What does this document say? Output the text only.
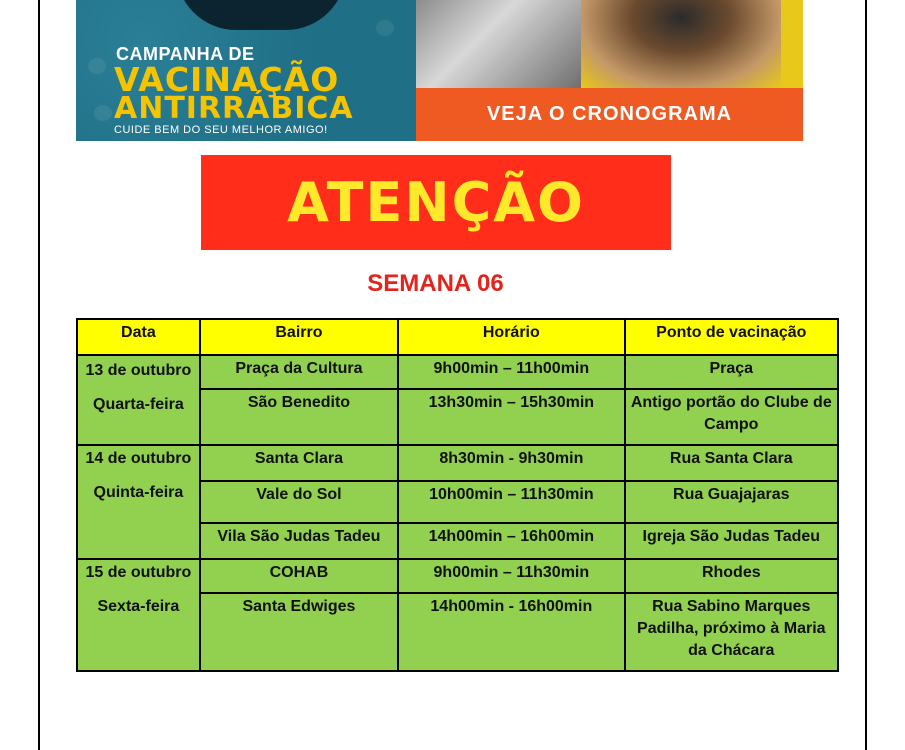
CAMPANHA DE
VACINAÇÃO
ANTIRRÁBICA
CUIDE BEM DO SEU MELHOR AMIGO!
VEJA O CRONOGRAMA
ATENÇÃO
SEMANA 06
Data	Bairro	Horário	Ponto de vacinação
13 de outubro
Quarta-feira	Praça da Cultura	9h00min – 11h00min	Praça
	São Benedito	13h30min – 15h30min	Antigo portão do Clube de Campo
14 de outubro
Quinta-feira	Santa Clara	8h30min - 9h30min	Rua Santa Clara
	Vale do Sol	10h00min – 11h30min	Rua Guajajaras
	Vila São Judas Tadeu	14h00min – 16h00min	Igreja São Judas Tadeu
15 de outubro
Sexta-feira	COHAB	9h00min – 11h30min	Rhodes
	Santa Edwiges	14h00min - 16h00min	Rua Sabino Marques Padilha, próximo à Maria da Chácara
